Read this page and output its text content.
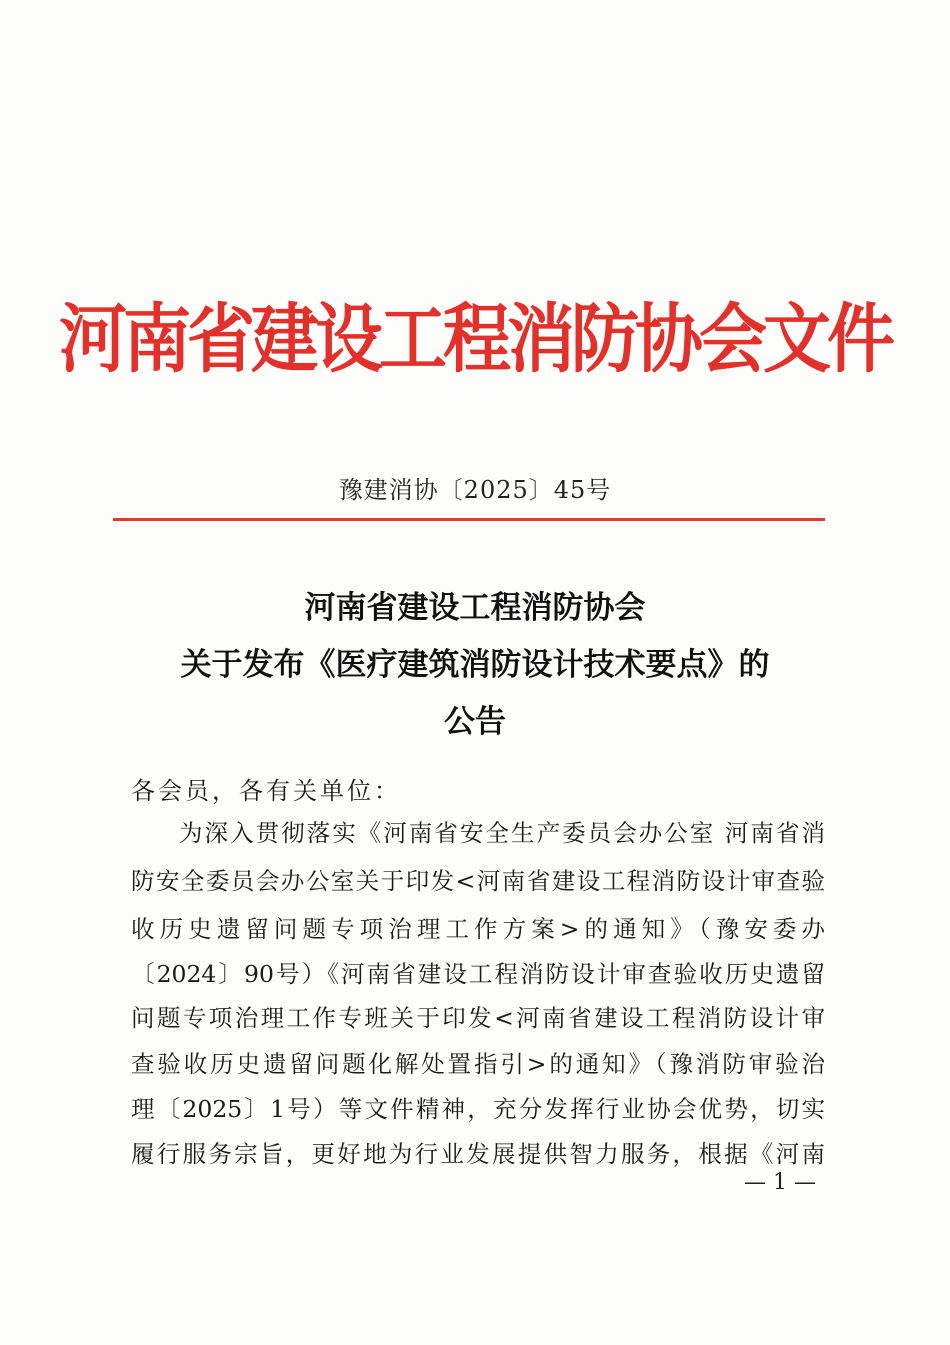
河南省建设工程消防协会文件
豫建消协〔2025〕45号
河南省建设工程消防协会
关于发布《医疗建筑消防设计技术要点》的
公告
各会员，各有关单位：
为深入贯彻落实《河南省安全生产委员会办公室 河南省消
防安全委员会办公室关于印发<河南省建设工程消防设计审查验
收历史遗留问题专项治理工作方案>的通知》（豫安委办
〔2024〕90号）《河南省建设工程消防设计审查验收历史遗留
问题专项治理工作专班关于印发<河南省建设工程消防设计审
查验收历史遗留问题化解处置指引>的通知》（豫消防审验治
理〔2025〕1号）等文件精神，充分发挥行业协会优势，切实
履行服务宗旨，更好地为行业发展提供智力服务，根据《河南
— 1 —
